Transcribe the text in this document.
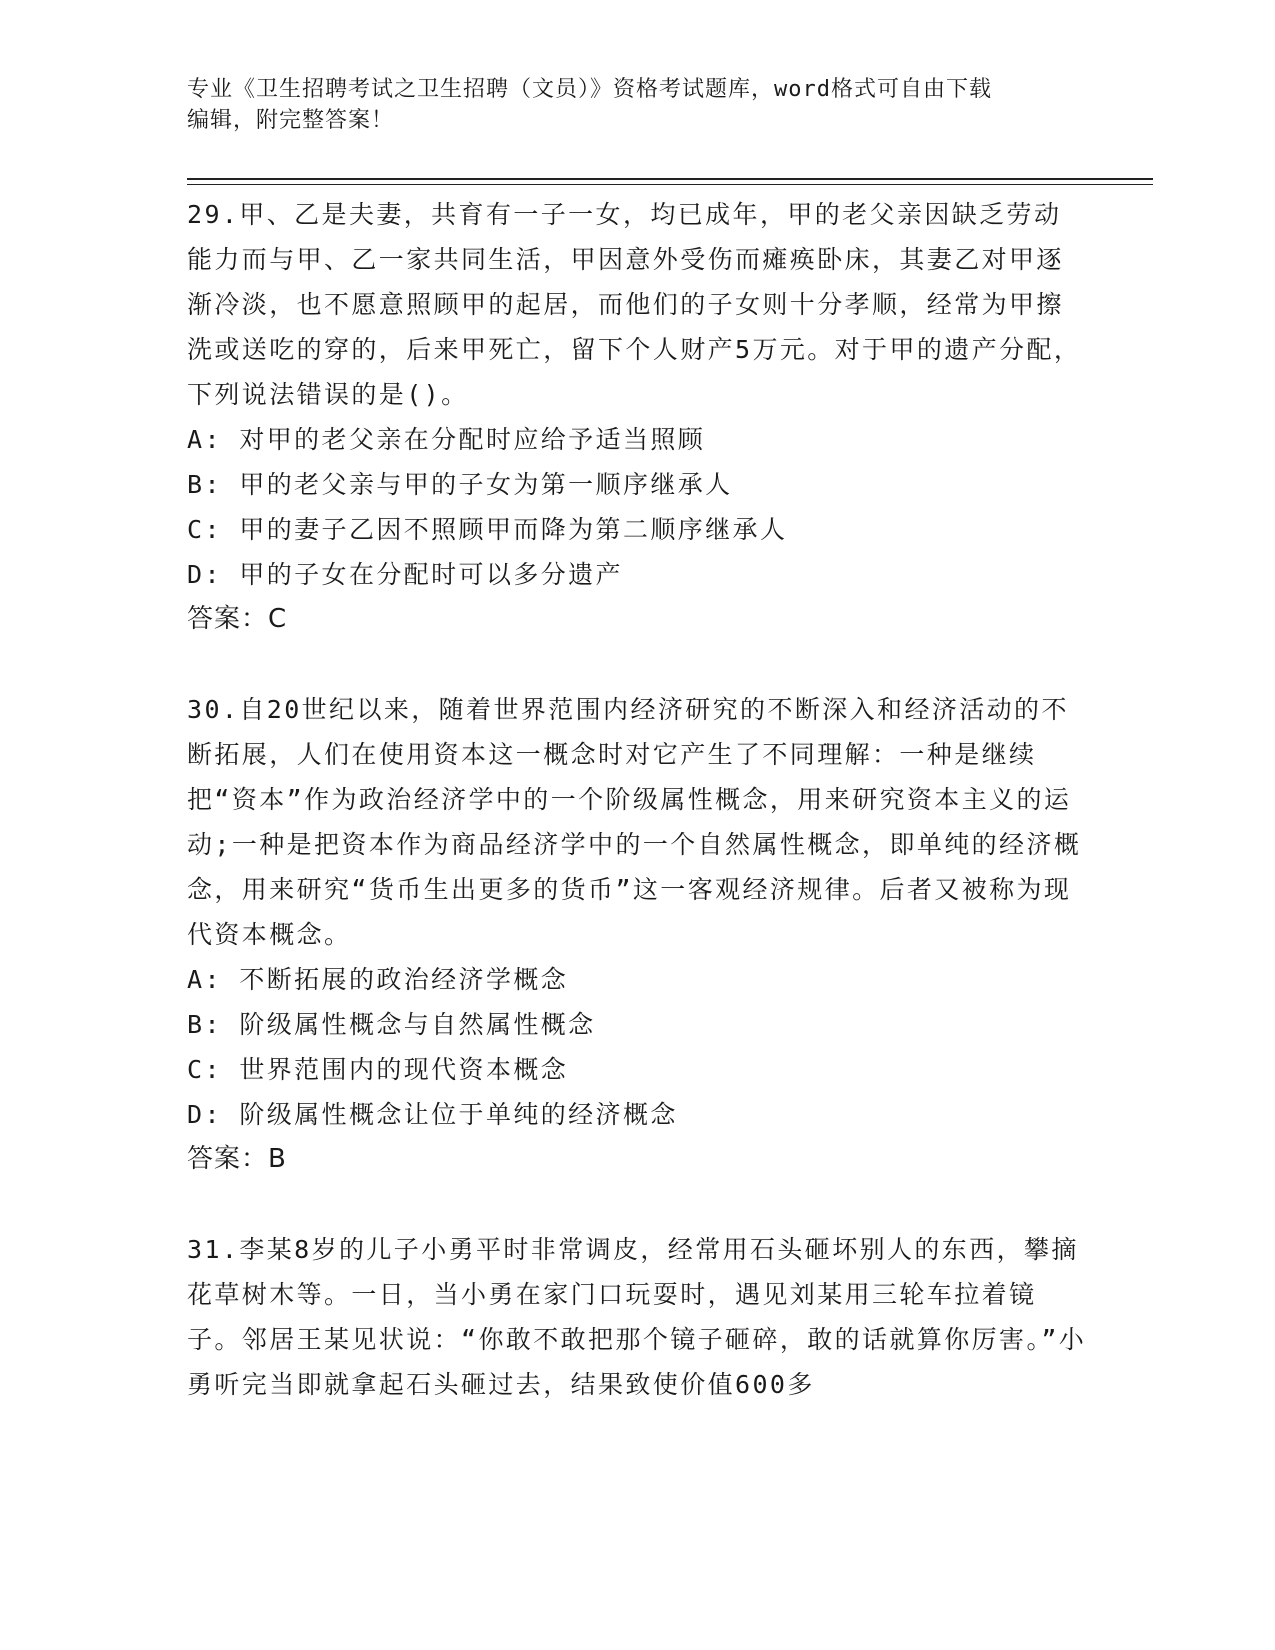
专业《卫生招聘考试之卫生招聘（文员）》资格考试题库，word格式可自由下载
编辑，附完整答案！

29.甲、乙是夫妻，共育有一子一女，均已成年，甲的老父亲因缺乏劳动能力而与甲、乙一家共同生活，甲因意外受伤而瘫痪卧床，其妻乙对甲逐渐冷淡，也不愿意照顾甲的起居，而他们的子女则十分孝顺，经常为甲擦洗或送吃的穿的，后来甲死亡，留下个人财产5万元。对于甲的遗产分配，下列说法错误的是()。

A: 对甲的老父亲在分配时应给予适当照顾

B: 甲的老父亲与甲的子女为第一顺序继承人

C: 甲的妻子乙因不照顾甲而降为第二顺序继承人

D: 甲的子女在分配时可以多分遗产

答案：C

30.自20世纪以来，随着世界范围内经济研究的不断深入和经济活动的不断拓展，人们在使用资本这一概念时对它产生了不同理解：一种是继续把“资本”作为政治经济学中的一个阶级属性概念，用来研究资本主义的运动;一种是把资本作为商品经济学中的一个自然属性概念，即单纯的经济概念，用来研究“货币生出更多的货币”这一客观经济规律。后者又被称为现代资本概念。

A: 不断拓展的政治经济学概念

B: 阶级属性概念与自然属性概念

C: 世界范围内的现代资本概念

D: 阶级属性概念让位于单纯的经济概念

答案：B

31.李某8岁的儿子小勇平时非常调皮，经常用石头砸坏别人的东西，攀摘花草树木等。一日，当小勇在家门口玩耍时，遇见刘某用三轮车拉着镜子。邻居王某见状说：“你敢不敢把那个镜子砸碎，敢的话就算你厉害。”小勇听完当即就拿起石头砸过去，结果致使价值600多
